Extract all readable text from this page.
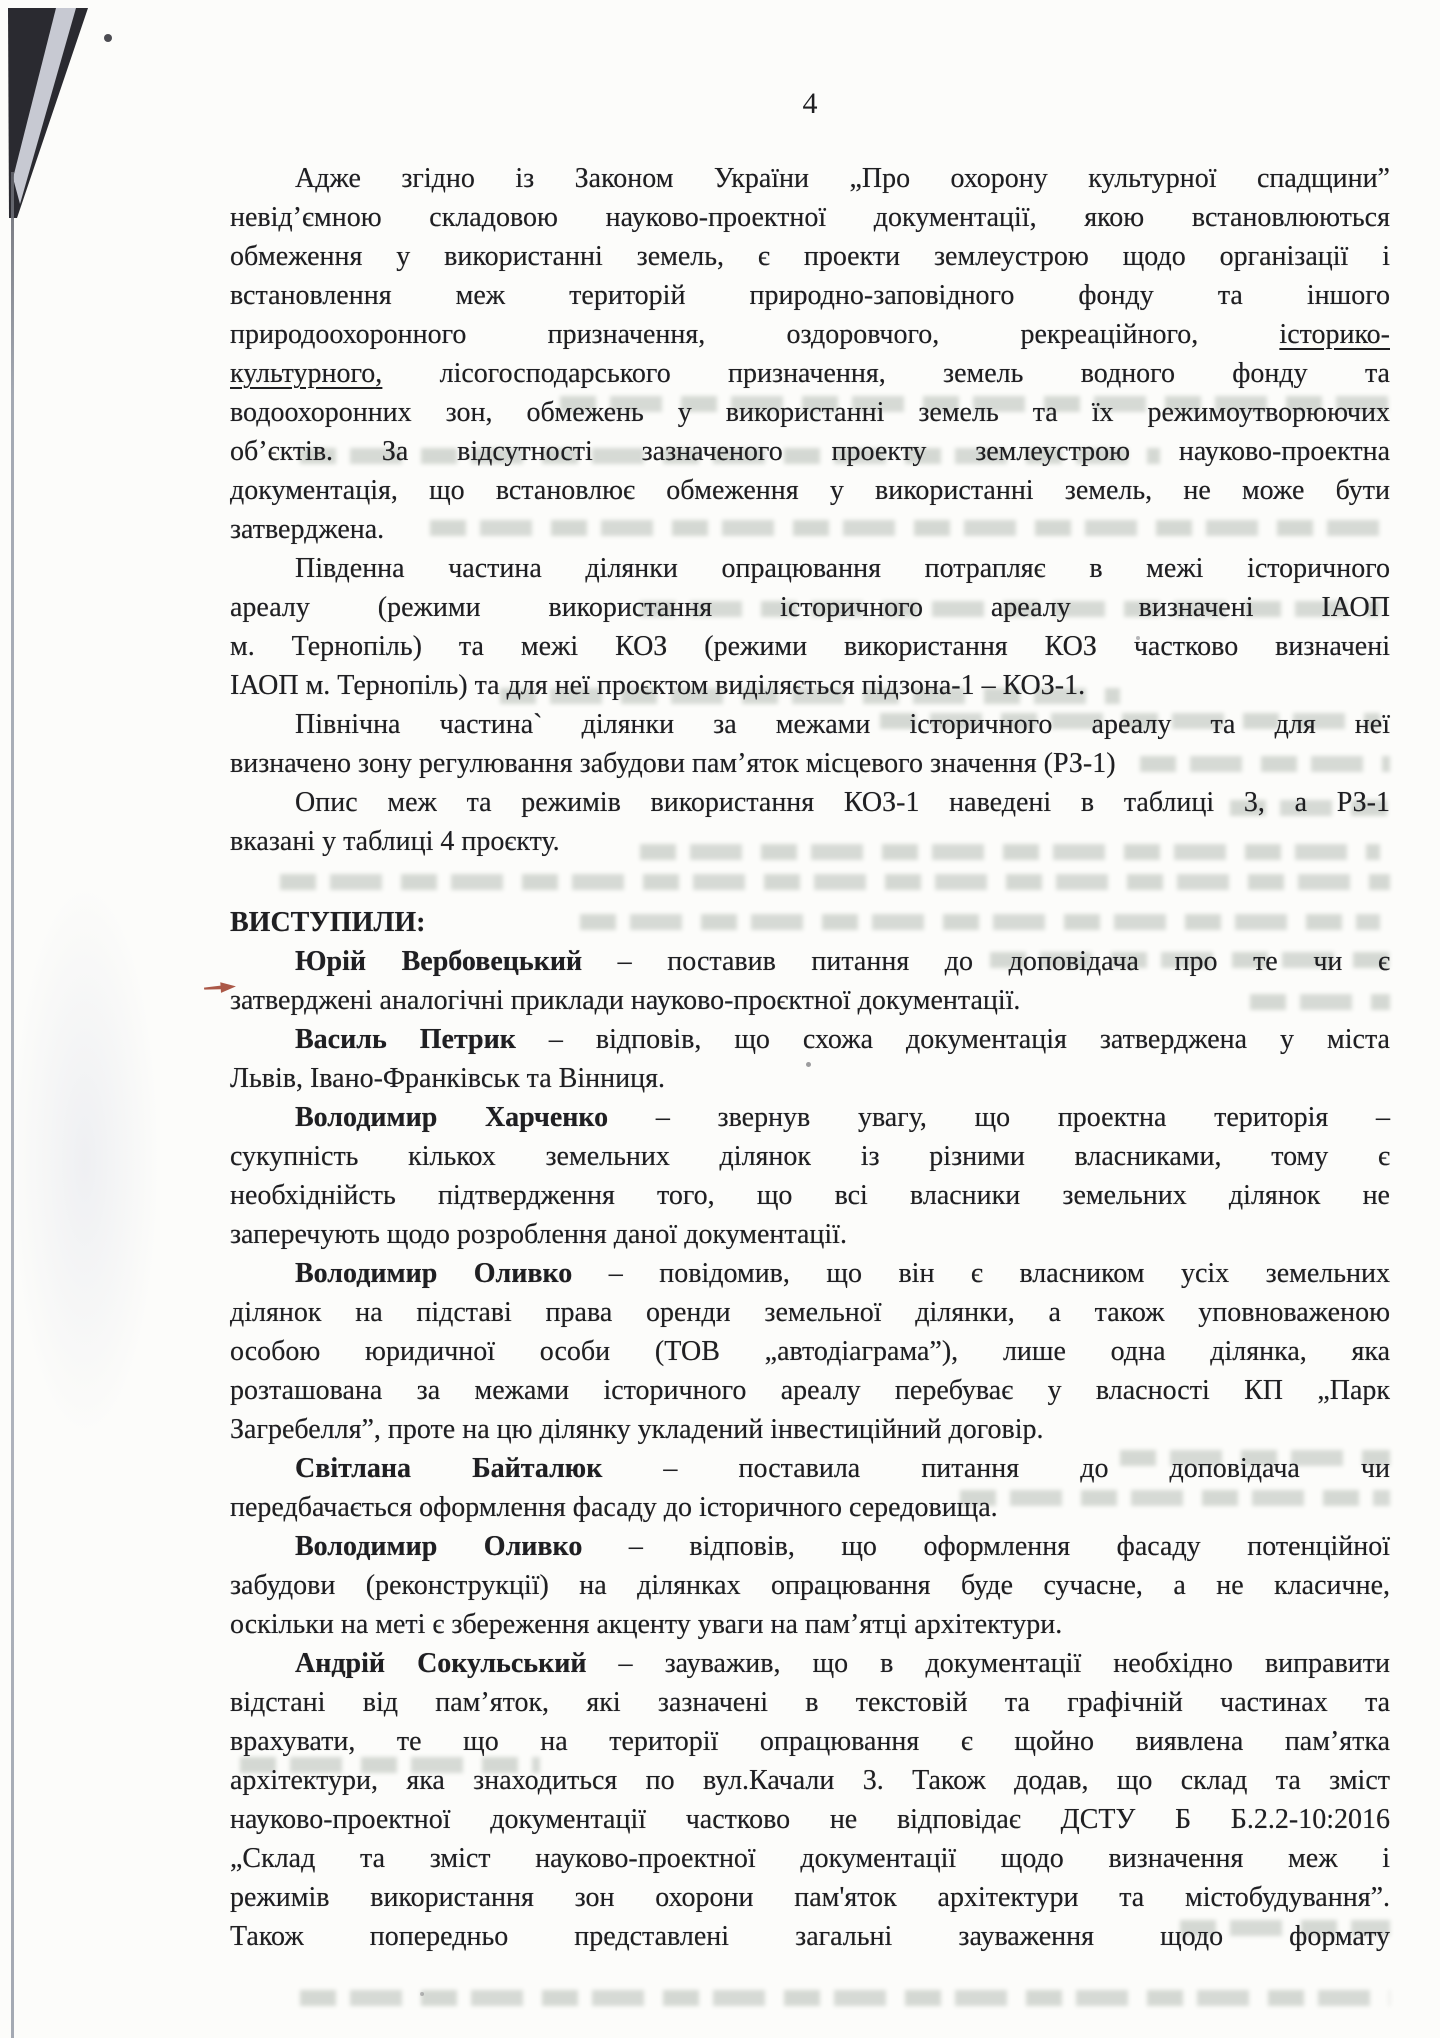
4
Адже згідно із Законом України „Про охорону культурної спадщини”
невід’ємною складовою науково-проектної документації, якою встановлюються
обмеження у використанні земель, є проекти землеустрою щодо організації і
встановлення меж територій природно-заповідного фонду та іншого
природоохоронного призначення, оздоровчого, рекреаційного, історико-
культурного, лісогосподарського призначення, земель водного фонду та
водоохоронних зон, обмежень у використанні земель та їх режимоутворюючих
об’єктів. За відсутності зазначеного проекту землеустрою науково-проектна
документація, що встановлює обмеження у використанні земель, не може бути
затверджена.
Південна частина ділянки опрацювання потрапляє в межі історичного
ареалу (режими використання історичного ареалу визначені ІАОП
м. Тернопіль) та межі КОЗ (режими використання КОЗ частково визначені
ІАОП м. Тернопіль) та для неї проєктом виділяється підзона-1 – КОЗ-1.
Північна частина` ділянки за межами історичного ареалу та для неї
визначено зону регулювання забудови пам’яток місцевого значення (РЗ-1)
Опис меж та режимів використання КОЗ-1 наведені в таблиці 3, а РЗ-1
вказані у таблиці 4 проєкту.
ВИСТУПИЛИ:
Юрій Вербовецький – поставив питання до доповідача про те чи є
затверджені аналогічні приклади науково-проєктної документації.
Василь Петрик – відповів, що схожа документація затверджена у міста
Львів, Івано-Франківськ та Вінниця.
Володимир Харченко – звернув увагу, що проектна територія –
сукупність кількох земельних ділянок із різними власниками, тому є
необхіднійсть підтвердження того, що всі власники земельних ділянок не
заперечують щодо розроблення даної документації.
Володимир Оливко – повідомив, що він є власником усіх земельних
ділянок на підставі права оренди земельної ділянки, а також уповноваженою
особою юридичної особи (ТОВ „автодіаграма”), лише одна ділянка, яка
розташована за межами історичного ареалу перебуває у власності КП „Парк
Загребелля”, проте на цю ділянку укладений інвестиційний договір.
Світлана Байталюк – поставила питання до доповідача чи
передбачається оформлення фасаду до історичного середовища.
Володимир Оливко – відповів, що оформлення фасаду потенційної
забудови (реконструкції) на ділянках опрацювання буде сучасне, а не класичне,
оскільки на меті є збереження акценту уваги на пам’ятці архітектури.
Андрій Сокульський – зауважив, що в документації необхідно виправити
відстані від пам’яток, які зазначені в текстовій та графічній частинах та
врахувати, те що на території опрацювання є щойно виявлена пам’ятка
архітектури, яка знаходиться по вул.Качали 3. Також додав, що склад та зміст
науково-проектної документації частково не відповідає ДСТУ Б Б.2.2-10:2016
„Склад та зміст науково-проектної документації щодо визначення меж і
режимів використання зон охорони пам'яток архітектури та містобудування”.
Також попередньо представлені загальні зауваження щодо формату
